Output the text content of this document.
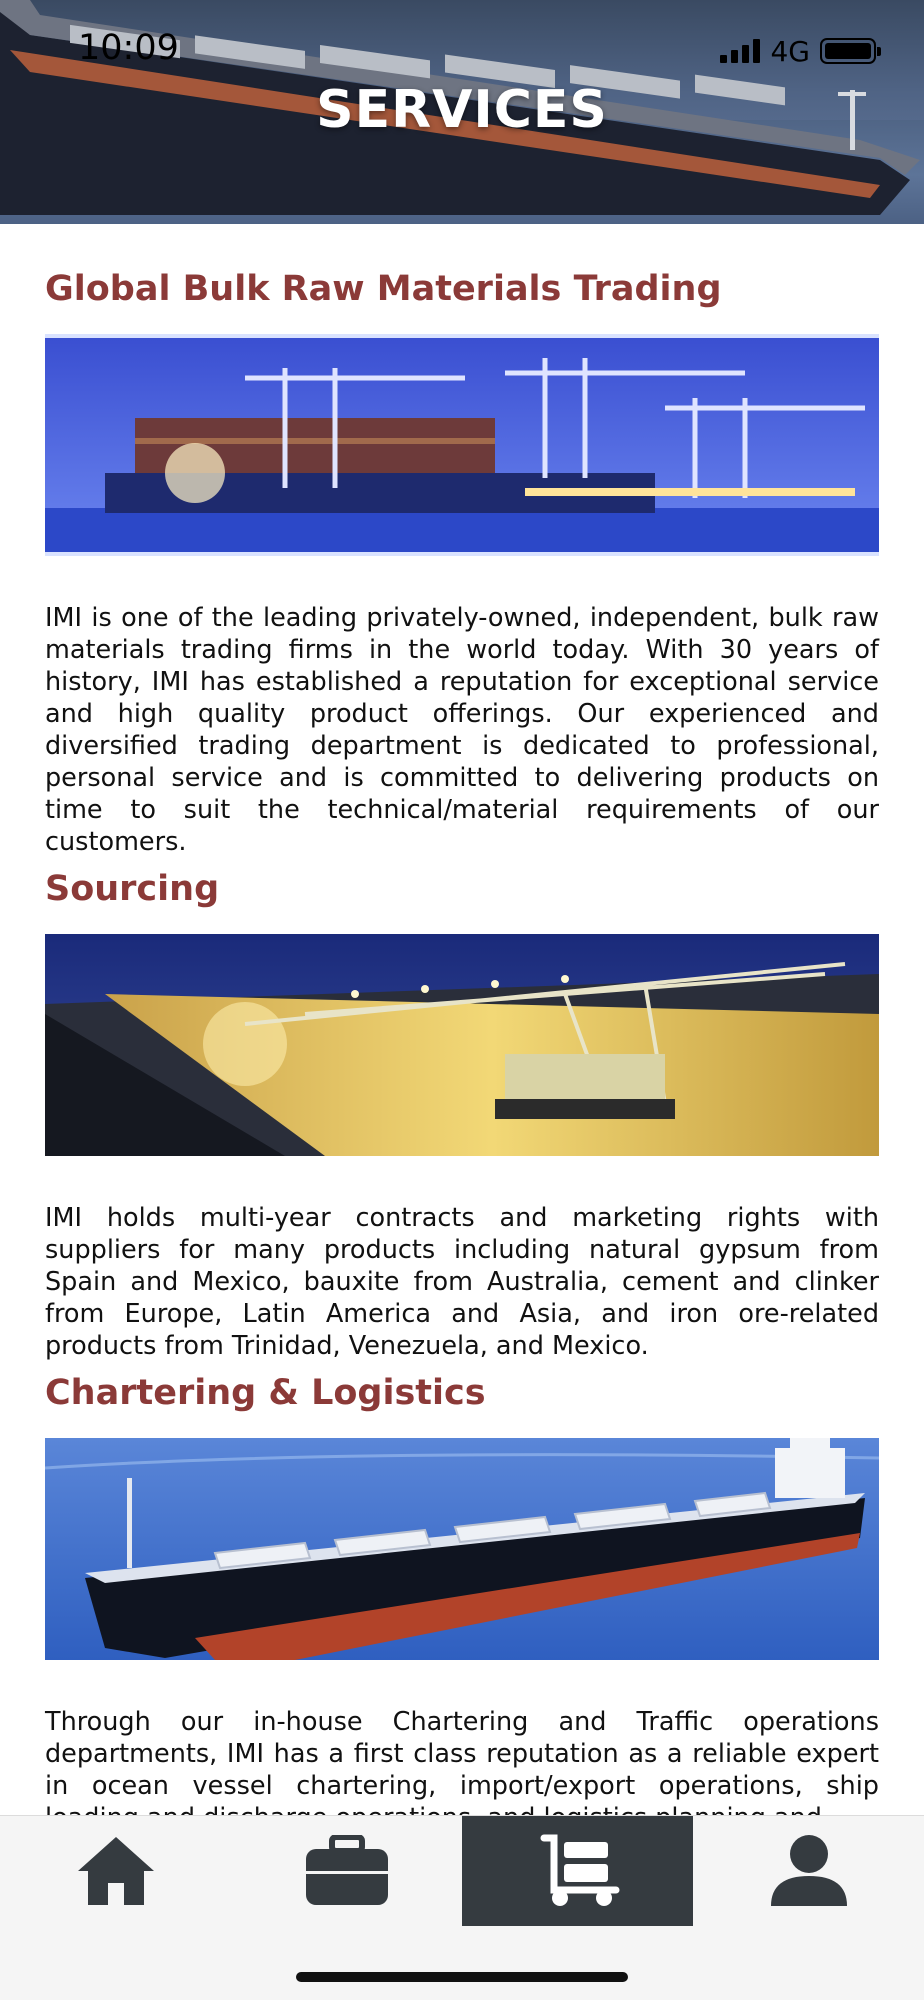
10:09	4G
SERVICES
Global Bulk Raw Materials Trading

IMI is one of the leading privately-owned, independent, bulk raw materials trading firms in the world today. With 30 years of history, IMI has established a reputation for exceptional service and high quality product offerings. Our experienced and diversified trading department is dedicated to professional, personal service and is committed to delivering products on time to suit the technical/material requirements of our customers.

Sourcing

IMI holds multi-year contracts and marketing rights with suppliers for many products including natural gypsum from Spain and Mexico, bauxite from Australia, cement and clinker from Europe, Latin America and Asia, and iron ore-related products from Trinidad, Venezuela, and Mexico.

Chartering & Logistics

Through our in-house Chartering and Traffic operations departments, IMI has a first class reputation as a reliable expert in ocean vessel chartering, import/export operations, ship
